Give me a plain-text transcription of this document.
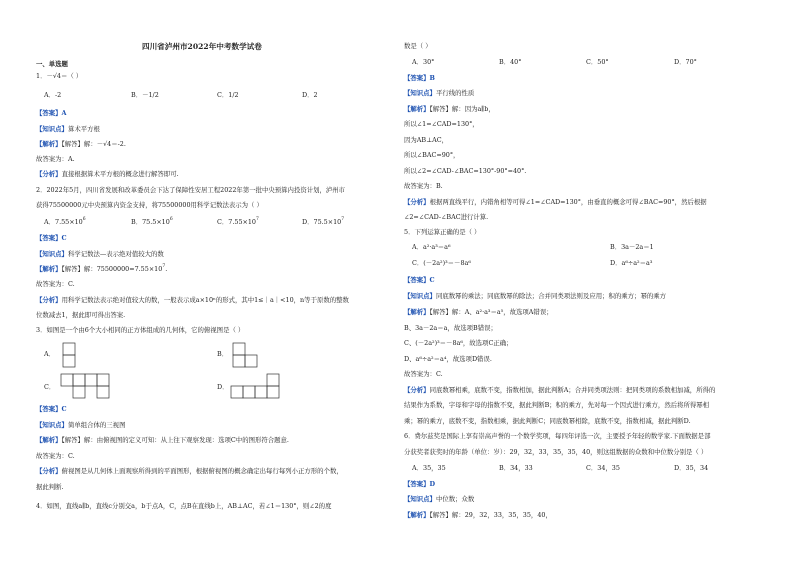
四川省泸州市2022年中考数学试卷
一、单选题
1．－√4＝（ ）
A．-2	B．－1/2	C．1/2	D．2
【答案】A
【知识点】算术平方根
【解析】【解答】解：－√4＝-2.
故答案为：A.
【分析】直接根据算术平方根的概念进行解答即可.
2．2022年5月，四川省发展和改革委员会下达了保障性安居工程2022年第一批中央预算内投资计划，泸州市
获得75500000元中央预算内资金支持，将75500000用科学记数法表示为（ ）
A．$7.55\times 10^6$	B．$75.5\times 10^6$	C．$7.55\times 10^7$	D．$75.5\times 10^7$
【答案】C
【知识点】科学记数法—表示绝对值较大的数
【解析】【解答】解：$75500000=7.55\times 10^7$.
故答案为：C.
【分析】用科学记数法表示绝对值较大的数，一般表示成a×10ⁿ的形式，其中1≤｜a｜<10，n等于原数的整数
位数减去1，据此即可得出答案.
3．如图是一个由6个大小相同的正方体组成的几何体，它的俯视图是（ ）
A．	B．
C．	D．
【答案】C
【知识点】简单组合体的三视图
【解析】【解答】解：由俯视图的定义可知：从上往下观察发现：选项C中的图形符合题意.
故答案为：C.
【分析】俯视图是从几何体上面观察所得到的平面图形，根据俯视图的概念确定出每行每列小正方形的个数，
据此判断.
4．如图，直线a∥b，直线c分别交a，b于点A，C，点B在直线b上，AB⊥AC，若∠1＝130°，则∠2的度
数是（ ）
A．30°	B．40°	C．50°	D．70°
【答案】B
【知识点】平行线的性质
【解析】【解答】解：因为a∥b，
所以∠1=∠CAD=130°，
因为AB⊥AC，
所以∠BAC=90°，
所以∠2=∠CAD-∠BAC=130°-90°=40°.
故答案为：B.
【分析】根据两直线平行，内错角相等可得∠1=∠CAD=130°，由垂直的概念可得∠BAC=90°，然后根据
∠2=∠CAD-∠BAC进行计算.
5．下列运算正确的是（ ）
A．a²·a³＝a⁶	B．3a－2a＝1
C．(－2a²)³＝－8a⁶	D．a⁶÷a²＝a³
【答案】C
【知识点】同底数幂的乘法；同底数幂的除法；合并同类项法则及应用；积的乘方；幂的乘方
【解析】【解答】解：A、a²·a³＝a⁵，故选项A错误；
B、3a－2a＝a，故选项B错误；
C、(－2a²)³＝－8a⁶，故选项C正确；
D、a⁶÷a²＝a⁴，故选项D错误.
故答案为：C.
【分析】同底数幂相乘，底数不变，指数相加，据此判断A；合并同类项法则：把同类项的系数相加减，所得的
结果作为系数，字母和字母的指数不变，据此判断B；积的乘方，先对每一个因式进行乘方，然后将所得幂相
乘；幂的乘方，底数不变，指数相乘，据此判断C；同底数幂相除，底数不变，指数相减，据此判断D.
6．费尔兹奖是国际上享有崇高声誉的一个数学奖项，每四年评选一次，主要授予年轻的数学家.下面数据是部
分获奖者获奖时的年龄（单位：岁）：29，32，33，35，35，40，则这组数据的众数和中位数分别是（ ）
A．35，35	B．34，33	C．34，35	D．35，34
【答案】D
【知识点】中位数；众数
【解析】【解答】解：29，32，33，35，35，40，
